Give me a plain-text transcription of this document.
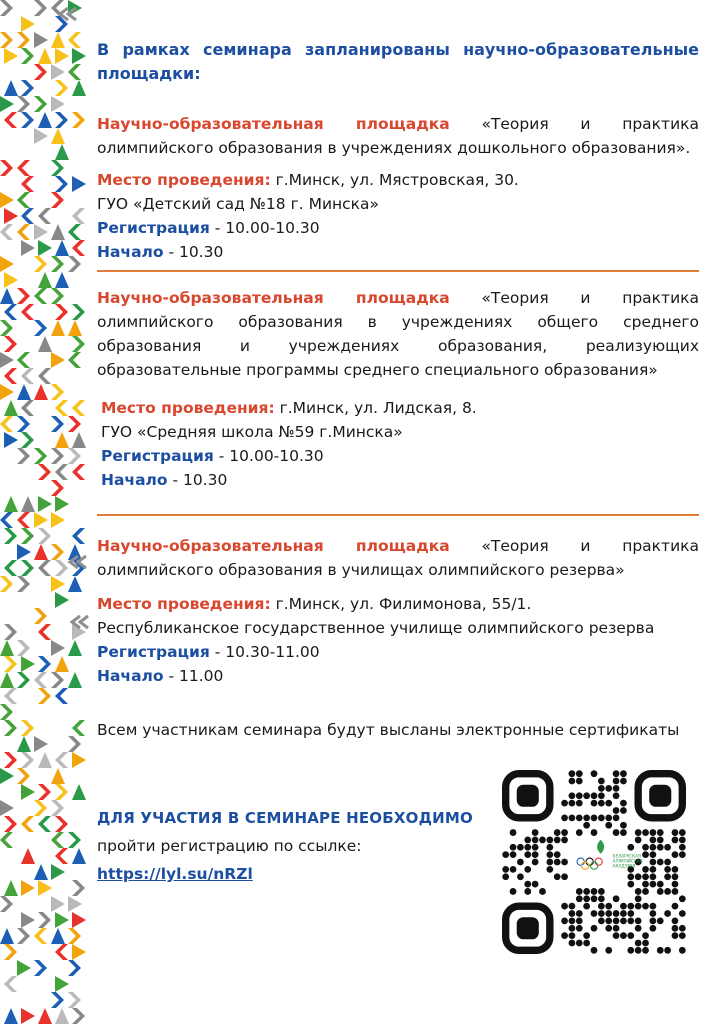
В рамках семинара запланированы научно-образовательные площадки:

Научно-образовательная площадка «Теория и практика олимпийского образования в учреждениях дошкольного образования».

Место проведения: г.Минск, ул. Мястровская, 30.
ГУО «Детский сад №18 г. Минска»
Регистрация - 10.00-10.30
Начало - 10.30

Научно-образовательная площадка «Теория и практика олимпийского образования в учреждениях общего среднего образования и учреждениях образования, реализующих образовательные программы среднего специального образования»

Место проведения: г.Минск, ул. Лидская, 8.
ГУО «Средняя школа №59 г.Минска»
Регистрация - 10.00-10.30
Начало - 10.30

Научно-образовательная площадка «Теория и практика олимпийского образования в училищах олимпийского резерва»

Место проведения: г.Минск, ул. Филимонова, 55/1.
Республиканское государственное училище олимпийского резерва
Регистрация - 10.30-11.00
Начало - 11.00
Всем участникам семинара будут высланы электронные сертификаты
ДЛЯ УЧАСТИЯ В СЕМИНАРЕ НЕОБХОДИМО
пройти регистрацию по ссылке:
https://lyl.su/nRZl
БЕЛАРУСКАЯ
АЛІМПІЙСКАЯ
АКАДЭМІЯ
